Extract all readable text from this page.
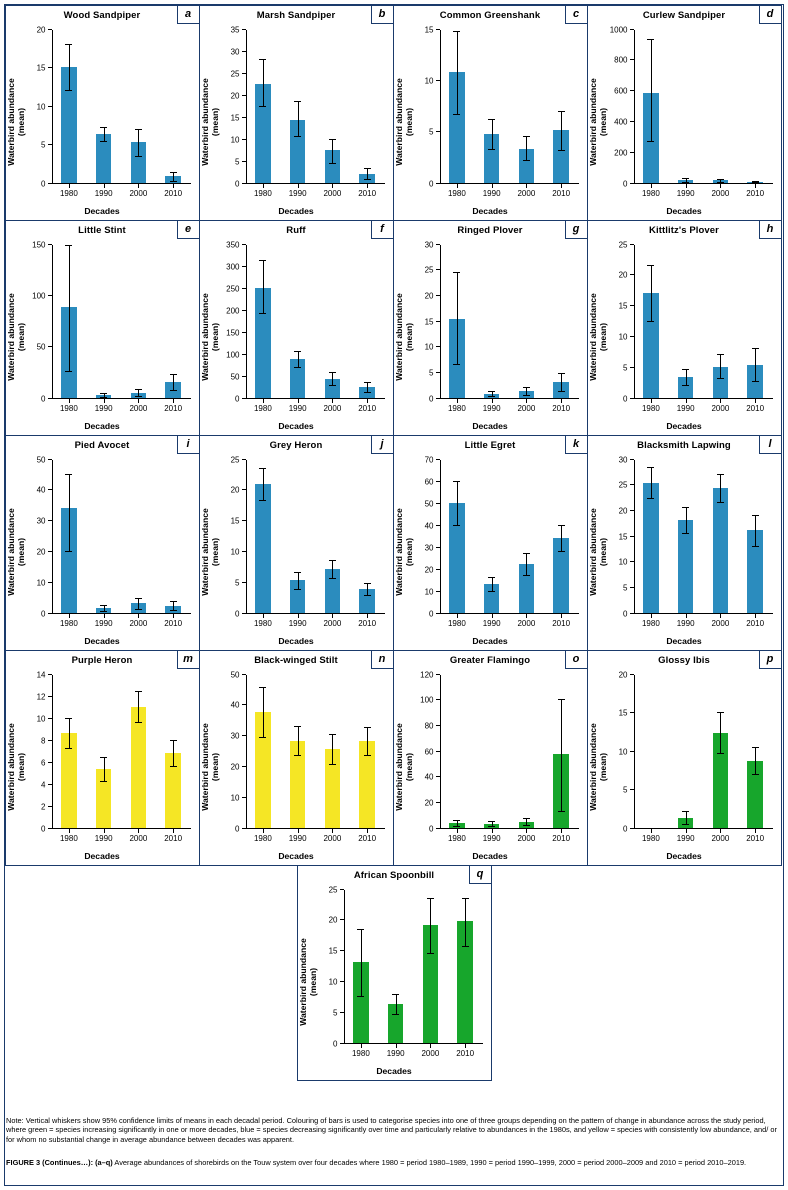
Wood Sandpiper	a
Waterbird abundance (mean)
Decades
0
5
10
15
20
1980 1990 2000 2010
Marsh Sandpiper	b
Waterbird abundance (mean)
Decades
0
5
10
15
20
25
30
35
1980 1990 2000 2010
Common Greenshank	c
Waterbird abundance (mean)
Decades
0
5
10
15
1980 1990 2000 2010
Curlew Sandpiper	d
Waterbird abundance (mean)
Decades
0
200
400
600
800
1000
1980 1990 2000 2010
Little Stint	e
Waterbird abundance (mean)
Decades
0
50
100
150
1980 1990 2000 2010
Ruff	f
Waterbird abundance (mean)
Decades
0
50
100
150
200
250
300
350
1980 1990 2000 2010
Ringed Plover	g
Waterbird abundance (mean)
Decades
0
5
10
15
20
25
30
1980 1990 2000 2010
Kittlitz's Plover	h
Waterbird abundance (mean)
Decades
0
5
10
15
20
25
1980 1990 2000 2010
Pied Avocet	i
Waterbird abundance (mean)
Decades
0
10
20
30
40
50
1980 1990 2000 2010
Grey Heron	j
Waterbird abundance (mean)
Decades
0
5
10
15
20
25
1980 1990 2000 2010
Little Egret	k
Waterbird abundance (mean)
Decades
0
10
20
30
40
50
60
70
1980 1990 2000 2010
Blacksmith Lapwing	l
Waterbird abundance (mean)
Decades
0
5
10
15
20
25
30
1980 1990 2000 2010
Purple Heron	m
Waterbird abundance (mean)
Decades
0
2
4
6
8
10
12
14
1980 1990 2000 2010
Black-winged Stilt	n
Waterbird abundance (mean)
Decades
0
10
20
30
40
50
1980 1990 2000 2010
Greater Flamingo	o
Waterbird abundance (mean)
Decades
0
20
40
60
80
100
120
1980 1990 2000 2010
Glossy Ibis	p
Waterbird abundance (mean)
Decades
0
5
10
15
20
1980 1990 2000 2010
African Spoonbill	q
Waterbird abundance (mean)
Decades
0
5
10
15
20
25
1980 1990 2000 2010
Note: Vertical whiskers show 95% confidence limits of means in each decadal period. Colouring of bars is used to categorise species into one of three groups depending on the pattern of change in abundance across the study period, where green = species increasing significantly in one or more decades, blue = species decreasing significantly over time and particularly relative to abundances in the 1980s, and yellow = species with consistently low abundance, and/ or for whom no substantial change in average abundance between decades was apparent.
FIGURE 3 (Continues…): (a–q) Average abundances of shorebirds on the Touw system over four decades where 1980 = period 1980–1989, 1990 = period 1990–1999, 2000 = period 2000–2009 and 2010 = period 2010–2019.
